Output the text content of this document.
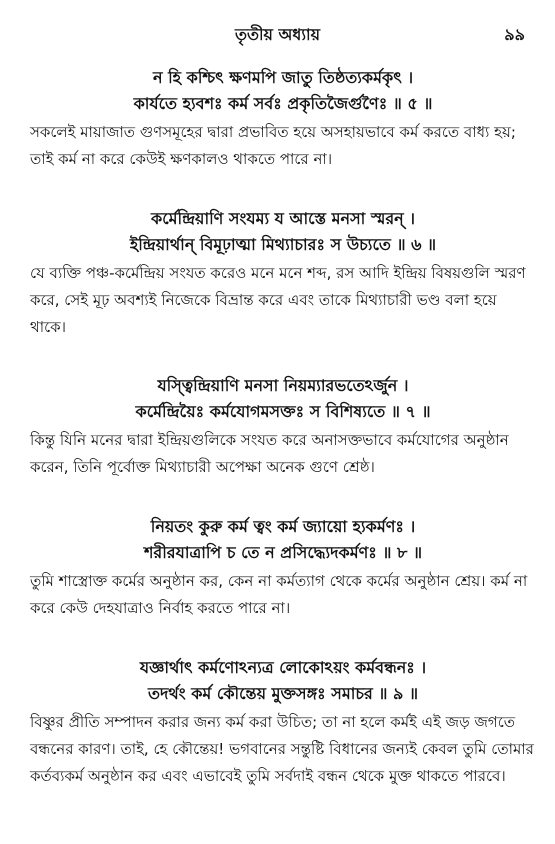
তৃতীয় অধ্যায়	৯৯
ন হি কশ্চিৎ ক্ষণমপি জাতু তিষ্ঠত্যকর্মকৃৎ ।
কার্যতে হ্যবশঃ কর্ম সর্বঃ প্রকৃতিজৈর্গুণৈঃ ॥ ৫ ॥
সকলেই মায়াজাত গুণসমূহের দ্বারা প্রভাবিত হয়ে অসহায়ভাবে কর্ম করতে বাধ্য হয়; তাই কর্ম না করে কেউই ক্ষণকালও থাকতে পারে না।
কর্মেন্দ্রিয়াণি সংযম্য য আস্তে মনসা স্মরন্ ।
ইন্দ্রিয়ার্থান্ বিমূঢ়াত্মা মিথ্যাচারঃ স উচ্যতে ॥ ৬ ॥
যে ব্যক্তি পঞ্চ-কর্মেন্দ্রিয় সংযত করেও মনে মনে শব্দ, রস আদি ইন্দ্রিয় বিষয়গুলি স্মরণ করে, সেই মূঢ় অবশ্যই নিজেকে বিভ্রান্ত করে এবং তাকে মিথ্যাচারী ভণ্ড বলা হয়ে থাকে।
যস্ত্বিন্দ্রিয়াণি মনসা নিয়ম্যারভতেঽর্জুন ।
কর্মেন্দ্রিয়ৈঃ কর্মযোগমসক্তঃ স বিশিষ্যতে ॥ ৭ ॥
কিন্তু যিনি মনের দ্বারা ইন্দ্রিয়গুলিকে সংযত করে অনাসক্তভাবে কর্মযোগের অনুষ্ঠান করেন, তিনি পূর্বোক্ত মিথ্যাচারী অপেক্ষা অনেক গুণে শ্রেষ্ঠ।
নিয়তং কুরু কর্ম ত্বং কর্ম জ্যায়ো হ্যকর্মণঃ ।
শরীরযাত্রাপি চ তে ন প্রসিদ্ধ্যেদকর্মণঃ ॥ ৮ ॥
তুমি শাস্ত্রোক্ত কর্মের অনুষ্ঠান কর, কেন না কর্মত্যাগ থেকে কর্মের অনুষ্ঠান শ্রেয়। কর্ম না করে কেউ দেহযাত্রাও নির্বাহ করতে পারে না।
যজ্ঞার্থাৎ কর্মণোঽন্যত্র লোকোঽয়ং কর্মবন্ধনঃ ।
তদর্থং কর্ম কৌন্তেয় মুক্তসঙ্গঃ সমাচর ॥ ৯ ॥
বিষ্ণুর প্রীতি সম্পাদন করার জন্য কর্ম করা উচিত; তা না হলে কর্মই এই জড় জগতে বন্ধনের কারণ। তাই, হে কৌন্তেয়! ভগবানের সন্তুষ্টি বিধানের জন্যই কেবল তুমি তোমার কর্তব্যকর্ম অনুষ্ঠান কর এবং এভাবেই তুমি সর্বদাই বন্ধন থেকে মুক্ত থাকতে পারবে।
